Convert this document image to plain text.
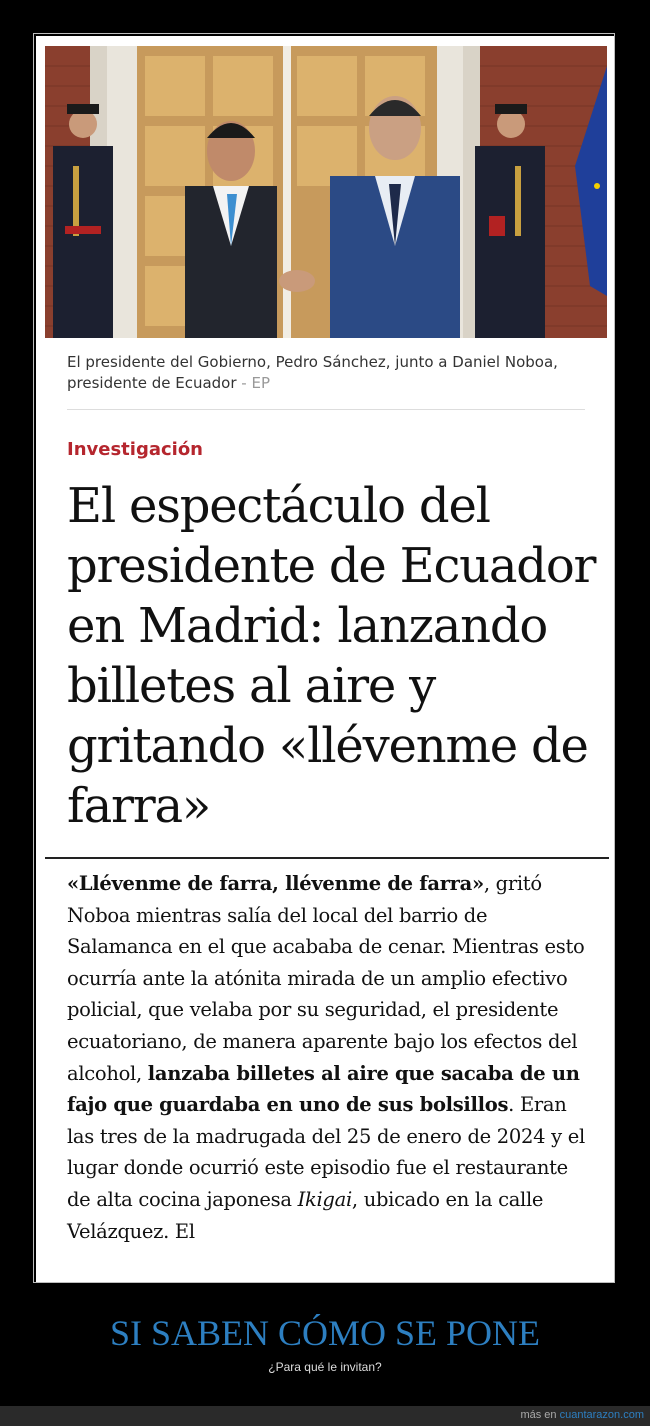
El presidente del Gobierno, Pedro Sánchez, junto a Daniel Noboa, presidente de Ecuador - EP
Investigación
El espectáculo del presidente de Ecuador en Madrid: lanzando billetes al aire y gritando «llévenme de farra»

«Llévenme de farra, llévenme de farra», gritó Noboa mientras salía del local del barrio de Salamanca en el que acababa de cenar. Mientras esto ocurría ante la atónita mirada de un amplio efectivo policial, que velaba por su seguridad, el presidente ecuatoriano, de manera aparente bajo los efectos del alcohol, lanzaba billetes al aire que sacaba de un fajo que guardaba en uno de sus bolsillos. Eran las tres de la madrugada del 25 de enero de 2024 y el lugar donde ocurrió este episodio fue el restaurante de alta cocina japonesa Ikigai, ubicado en la calle Velázquez. El

SI SABEN CÓMO SE PONE
¿Para qué le invitan?
más en cuantarazon.com
